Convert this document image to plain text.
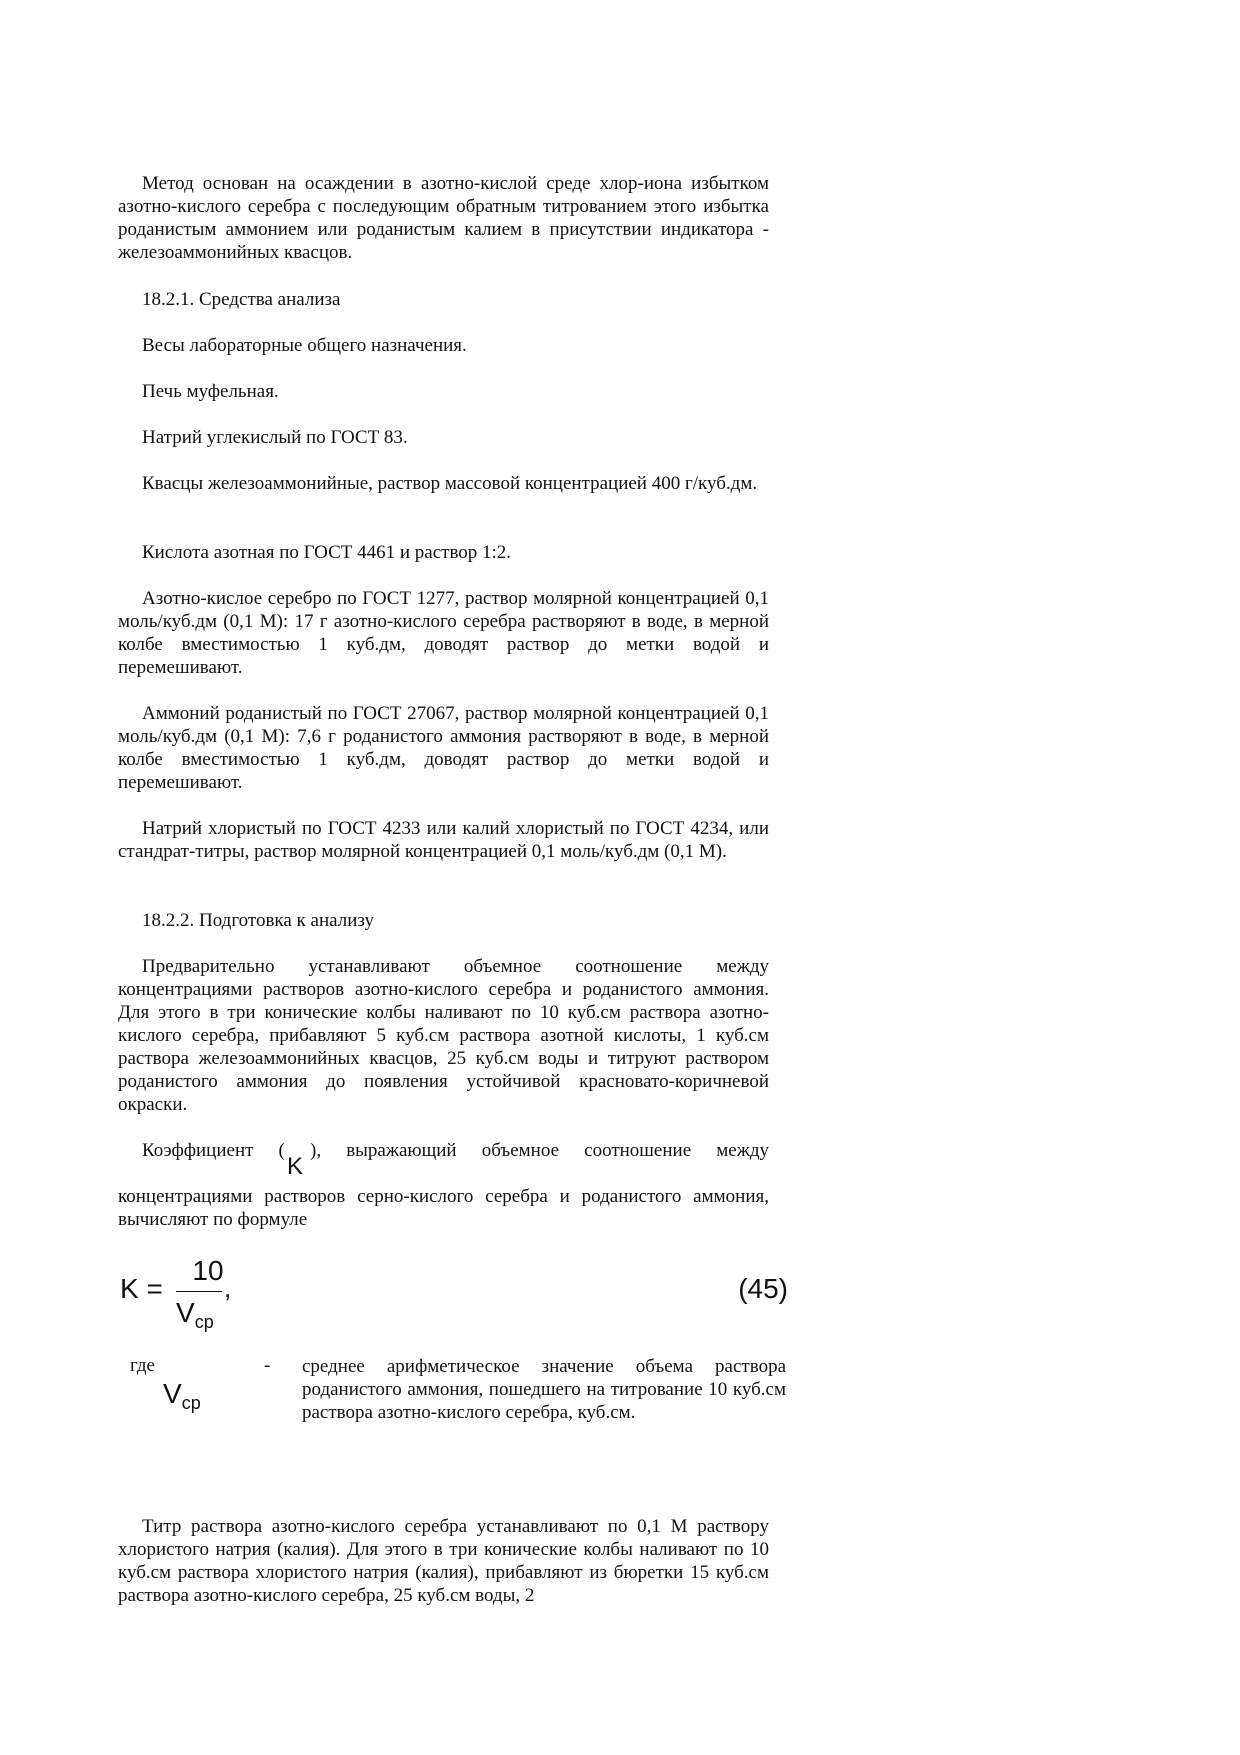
Метод основан на осаждении в азотно-кислой среде хлор-иона избытком азотно-кислого серебра с последующим обратным титрованием этого избытка роданистым аммонием или роданистым калием в присутствии индикатора - железоаммонийных квасцов.

18.2.1. Средства анализа

Весы лабораторные общего назначения.

Печь муфельная.

Натрий углекислый по ГОСТ 83.

Квасцы железоаммонийные, раствор массовой концентрацией 400 г/куб.дм.

Кислота азотная по ГОСТ 4461 и раствор 1:2.

Азотно-кислое серебро по ГОСТ 1277, раствор молярной концентрацией 0,1 моль/куб.дм (0,1 М): 17 г азотно-кислого серебра растворяют в воде, в мерной колбе вместимостью 1 куб.дм, доводят раствор до метки водой и перемешивают.

Аммоний роданистый по ГОСТ 27067, раствор молярной концентрацией 0,1 моль/куб.дм (0,1 М): 7,6 г роданистого аммония растворяют в воде, в мерной колбе вместимостью 1 куб.дм, доводят раствор до метки водой и перемешивают.

Натрий хлористый по ГОСТ 4233 или калий хлористый по ГОСТ 4234, или стандрат-титры, раствор молярной концентрацией 0,1 моль/куб.дм (0,1 М).

18.2.2. Подготовка к анализу

Предварительно устанавливают объемное соотношение между концентрациями растворов азотно-кислого серебра и роданистого аммония. Для этого в три конические колбы наливают по 10 куб.см раствора азотно-кислого серебра, прибавляют 5 куб.см раствора азотной кислоты, 1 куб.см раствора железоаммонийных квасцов, 25 куб.см воды и титруют раствором роданистого аммония до появления устойчивой красновато-коричневой окраски.

Коэффициент ( ), выражающий объемное соотношение между

K

концентрациями растворов серно-кислого серебра и роданистого аммония, вычисляют по формуле

K =
10
$V_{ср}$
,	(45)
где
$V_{ср}$
- среднее арифметическое значение объема раствора роданистого аммония, пошедшего на титрование 10 куб.см раствора азотно-кислого серебра, куб.см.

Титр раствора азотно-кислого серебра устанавливают по 0,1 М раствору хлористого натрия (калия). Для этого в три конические колбы наливают по 10 куб.см раствора хлористого натрия (калия), прибавляют из бюретки 15 куб.см раствора азотно-кислого серебра, 25 куб.см воды, 2
